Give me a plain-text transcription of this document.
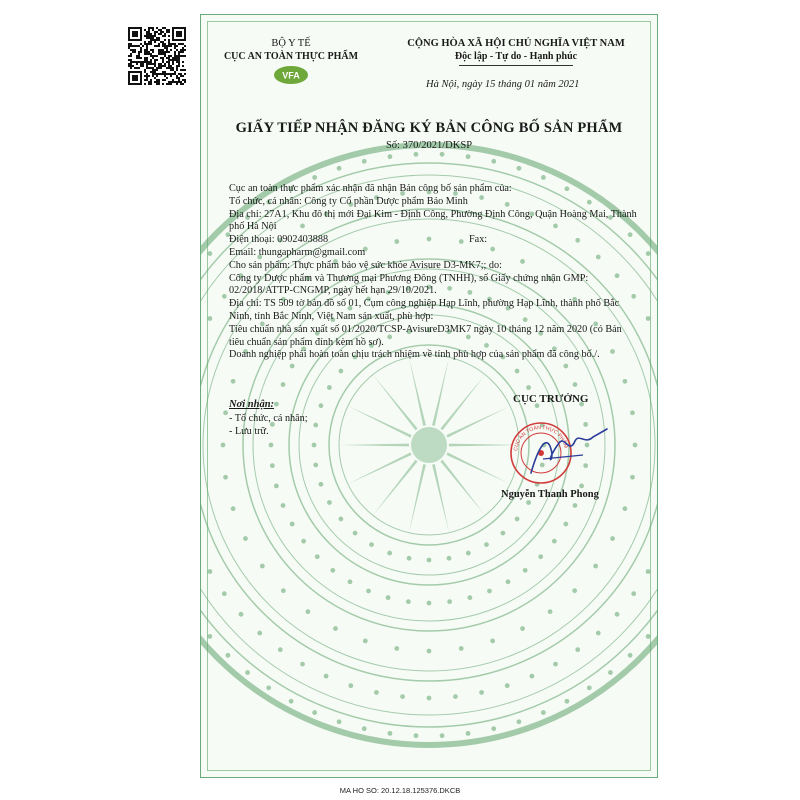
BỘ Y TẾ
CỤC AN TOÀN THỰC PHẨM
VFA
CỘNG HÒA XÃ HỘI CHỦ NGHĨA VIỆT NAM
Độc lập - Tự do - Hạnh phúc
Hà Nội, ngày 15 tháng 01 năm 2021
GIẤY TIẾP NHẬN ĐĂNG KÝ BẢN CÔNG BỐ SẢN PHẨM
Số: 370/2021/DKSP
Cục an toàn thực phẩm xác nhận đã nhận Bản công bố sản phẩm của:
Tổ chức, cá nhân: Công ty Cổ phần Dược phẩm Bảo Minh
Địa chỉ: 27A1, Khu đô thị mới Đại Kim - Định Công, Phường Định Công, Quận Hoàng Mai, Thành phố Hà Nội
Điện thoại: 0902403888	Fax:
Email: thungapharm@gmail.com
Cho sản phẩm: Thực phẩm bảo vệ sức khỏe Avisure D3-MK7;; do:
Công ty Dược phẩm và Thương mại Phương Đông (TNHH), số Giấy chứng nhận GMP: 02/2018/ATTP-CNGMP, ngày hết hạn 29/10/2021.
Địa chỉ: TS 509 tờ bản đồ số 01, Cụm công nghiệp Hạp Lĩnh, phường Hạp Lĩnh, thành phố Bắc Ninh, tỉnh Bắc Ninh, Việt Nam sản xuất, phù hợp:
Tiêu chuẩn nhà sản xuất số 01/2020/TCSP-AvisureD3MK7 ngày 10 tháng 12 năm 2020 (có Bản tiêu chuẩn sản phẩm đính kèm hồ sơ).
Doanh nghiệp phải hoàn toàn chịu trách nhiệm về tính phù hợp của sản phẩm đã công bố./.
Nơi nhận:
- Tổ chức, cá nhân;
- Lưu trữ.
CỤC TRƯỞNG
CỤC AN TOÀN THỰC PHẨM
Nguyễn Thanh Phong
MA HO SO: 20.12.18.125376.DKCB
